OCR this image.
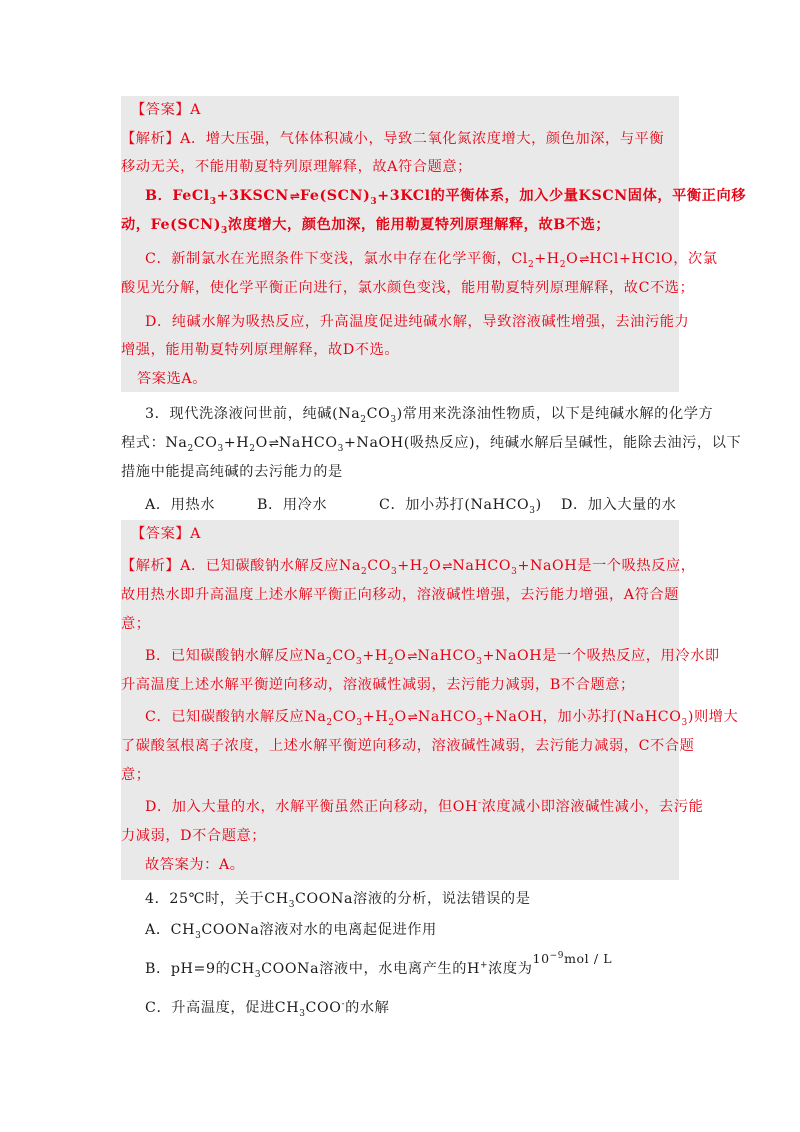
【答案】A
【解析】A．增大压强，气体体积减小，导致二氧化氮浓度增大，颜色加深，与平衡
移动无关，不能用勒夏特列原理解释，故A符合题意；
B．$FeCl_3+3KSCN\rightleftharpoons Fe(SCN)_3+3KCl$的平衡体系，加入少量KSCN固体，平衡正向移
动，$Fe(SCN)_3$浓度增大，颜色加深，能用勒夏特列原理解释，故B不选；
C．新制氯水在光照条件下变浅，氯水中存在化学平衡，$Cl_2+H_2O\rightleftharpoons HCl+HClO$，次氯
酸见光分解，使化学平衡正向进行，氯水颜色变浅，能用勒夏特列原理解释，故C不选；
D．纯碱水解为吸热反应，升高温度促进纯碱水解，导致溶液碱性增强，去油污能力
增强，能用勒夏特列原理解释，故D不选。
答案选A。
3．现代洗涤液问世前，纯碱$(Na_2CO_3)$常用来洗涤油性物质，以下是纯碱水解的化学方
程式：$Na_2CO_3+H_2O\rightleftharpoons NaHCO_3+NaOH$(吸热反应)，纯碱水解后呈碱性，能除去油污，以下
措施中能提高纯碱的去污能力的是
A．用热水	B．用冷水	C．加小苏打(NaHCO$_3$)	D．加入大量的水
【答案】A
【解析】A．已知碳酸钠水解反应$Na_2CO_3+H_2O\rightleftharpoons NaHCO_3+NaOH$是一个吸热反应，
故用热水即升高温度上述水解平衡正向移动，溶液碱性增强，去污能力增强，A符合题
意；
B．已知碳酸钠水解反应$Na_2CO_3+H_2O\rightleftharpoons NaHCO_3+NaOH$是一个吸热反应，用冷水即
升高温度上述水解平衡逆向移动，溶液碱性减弱，去污能力减弱，B不合题意；
C．已知碳酸钠水解反应$Na_2CO_3+H_2O\rightleftharpoons NaHCO_3+NaOH$，加小苏打(NaHCO$_3$)则增大
了碳酸氢根离子浓度，上述水解平衡逆向移动，溶液碱性减弱，去污能力减弱，C不合题
意；
D．加入大量的水，水解平衡虽然正向移动，但OH-浓度减小即溶液碱性减小，去污能
力减弱，D不合题意；
故答案为：A。
4．25℃时，关于$CH_3COONa$溶液的分析，说法错误的是
A．$CH_3COONa$溶液对水的电离起促进作用
B．pH=9的$CH_3COONa$溶液中，水电离产生的H+浓度为$10^{-9}mol$ / L
C．升高温度，促进$CH_3COO^-$的水解
